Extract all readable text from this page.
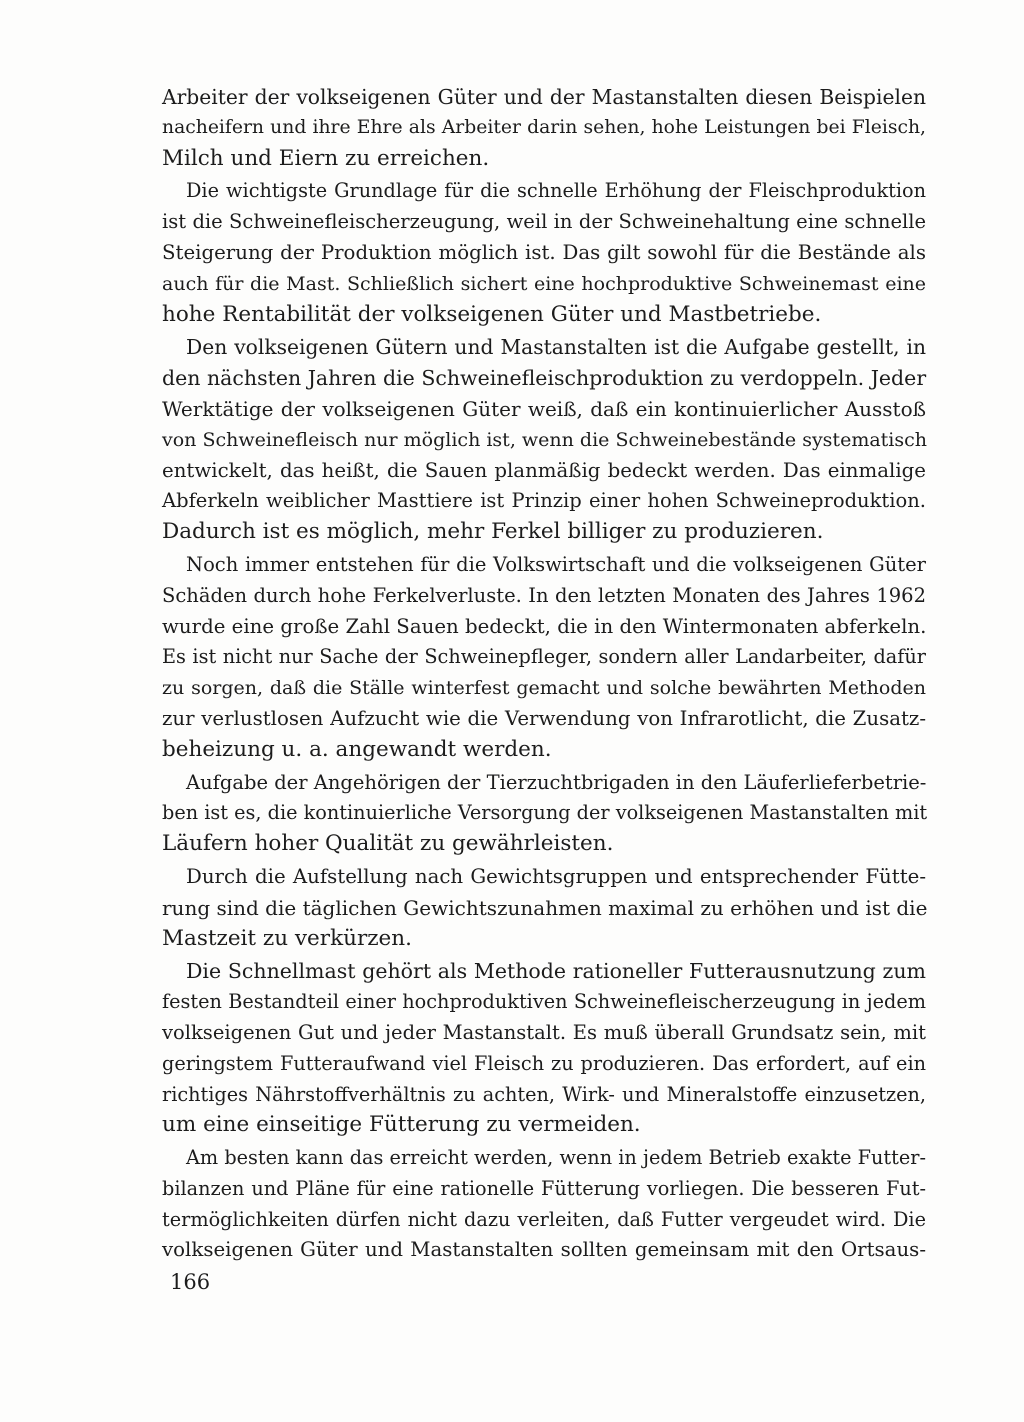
Arbeiter der volkseigenen Güter und der Mastanstalten diesen Beispielen
nacheifern und ihre Ehre als Arbeiter darin sehen, hohe Leistungen bei Fleisch,
Milch und Eiern zu erreichen.
Die wichtigste Grundlage für die schnelle Erhöhung der Fleischproduktion
ist die Schweinefleischerzeugung, weil in der Schweinehaltung eine schnelle
Steigerung der Produktion möglich ist. Das gilt sowohl für die Bestände als
auch für die Mast. Schließlich sichert eine hochproduktive Schweinemast eine
hohe Rentabilität der volkseigenen Güter und Mastbetriebe.
Den volkseigenen Gütern und Mastanstalten ist die Aufgabe gestellt, in
den nächsten Jahren die Schweinefleischproduktion zu verdoppeln. Jeder
Werktätige der volkseigenen Güter weiß, daß ein kontinuierlicher Ausstoß
von Schweinefleisch nur möglich ist, wenn die Schweinebestände systematisch
entwickelt, das heißt, die Sauen planmäßig bedeckt werden. Das einmalige
Abferkeln weiblicher Masttiere ist Prinzip einer hohen Schweineproduktion.
Dadurch ist es möglich, mehr Ferkel billiger zu produzieren.
Noch immer entstehen für die Volkswirtschaft und die volkseigenen Güter
Schäden durch hohe Ferkelverluste. In den letzten Monaten des Jahres 1962
wurde eine große Zahl Sauen bedeckt, die in den Wintermonaten abferkeln.
Es ist nicht nur Sache der Schweinepfleger, sondern aller Landarbeiter, dafür
zu sorgen, daß die Ställe winterfest gemacht und solche bewährten Methoden
zur verlustlosen Aufzucht wie die Verwendung von Infrarotlicht, die Zusatz-
beheizung u. a. angewandt werden.
Aufgabe der Angehörigen der Tierzuchtbrigaden in den Läuferlieferbetrie-
ben ist es, die kontinuierliche Versorgung der volkseigenen Mastanstalten mit
Läufern hoher Qualität zu gewährleisten.
Durch die Aufstellung nach Gewichtsgruppen und entsprechender Fütte-
rung sind die täglichen Gewichtszunahmen maximal zu erhöhen und ist die
Mastzeit zu verkürzen.
Die Schnellmast gehört als Methode rationeller Futterausnutzung zum
festen Bestandteil einer hochproduktiven Schweinefleischerzeugung in jedem
volkseigenen Gut und jeder Mastanstalt. Es muß überall Grundsatz sein, mit
geringstem Futteraufwand viel Fleisch zu produzieren. Das erfordert, auf ein
richtiges Nährstoffverhältnis zu achten, Wirk- und Mineralstoffe einzusetzen,
um eine einseitige Fütterung zu vermeiden.
Am besten kann das erreicht werden, wenn in jedem Betrieb exakte Futter-
bilanzen und Pläne für eine rationelle Fütterung vorliegen. Die besseren Fut-
termöglichkeiten dürfen nicht dazu verleiten, daß Futter vergeudet wird. Die
volkseigenen Güter und Mastanstalten sollten gemeinsam mit den Ortsaus-
166
